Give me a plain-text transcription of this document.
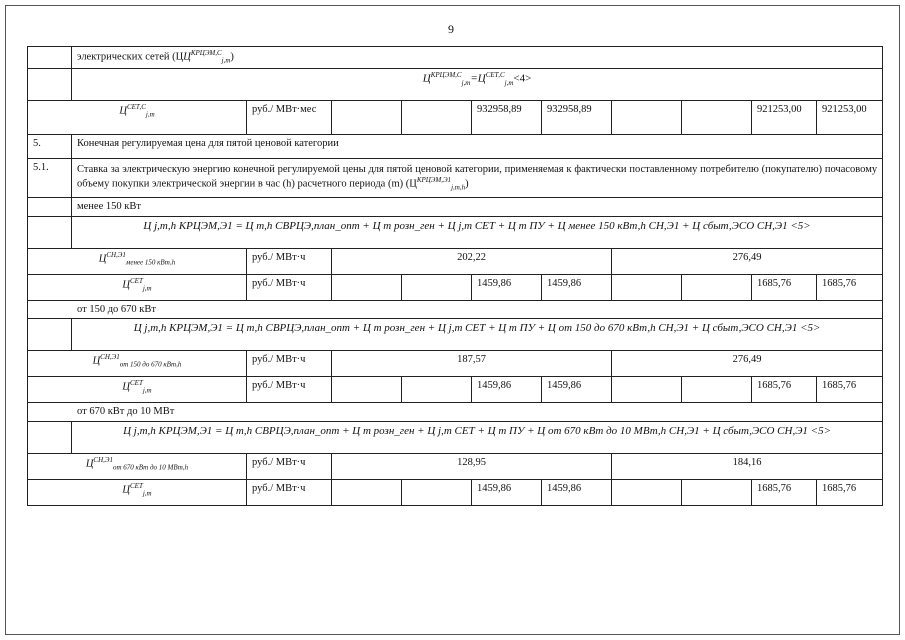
9
	электрических сетей $(ЦЦ^{КРЦЭМ,С}_{j,m})$									
	$Ц^{КРЦЭМ,С}_{j,m}=Ц^{СЕТ,С}_{j,m}<4>$									
$Ц^{СЕТ,С}_{j,m}$		руб./ МВт·мес			932958,89	932958,89			921253,00	921253,00
5.	Конечная регулируемая цена для пятой ценовой категории									
5.1.	Ставка за электрическую энергию конечной регулируемой цены для пятой ценовой категории, применяемая к фактически поставленному потребителю (покупателю) почасовому объему покупки электрической энергии в час (h) расчетного периода (m) $(Ц^{КРЦЭМ,Э1}_{j,m,h})$									
	менее 150 кВт									
	Ц j,m,h КРЦЭМ,Э1 = Ц m,h СВРЦЭ,план_опт + Ц m розн_ген + Ц j,m СЕТ + Ц m ПУ + Ц менее 150 кВт,h СН,Э1 + Ц сбыт,ЭСО СН,Э1 <5>									
$Ц^{СН,Э1}_{менее 150 кВт,h}$		руб./ МВт·ч	202,22				276,49			
$Ц^{СЕТ}_{j,m}$		руб./ МВт·ч			1459,86	1459,86			1685,76	1685,76
от 150 до 670 кВт										
	Ц j,m,h КРЦЭМ,Э1 = Ц m,h СВРЦЭ,план_опт + Ц m розн_ген + Ц j,m СЕТ + Ц m ПУ + Ц от 150 до 670 кВт,h СН,Э1 + Ц сбыт,ЭСО СН,Э1 <5>									
$Ц^{СН,Э1}_{от 150 до 670 кВт,h}$		руб./ МВт·ч	187,57				276,49			
$Ц^{СЕТ}_{j,m}$		руб./ МВт·ч			1459,86	1459,86			1685,76	1685,76
от 670 кВт до 10 МВт										
	Ц j,m,h КРЦЭМ,Э1 = Ц m,h СВРЦЭ,план_опт + Ц m розн_ген + Ц j,m СЕТ + Ц m ПУ + Ц от 670 кВт до 10 МВт,h СН,Э1 + Ц сбыт,ЭСО СН,Э1 <5>									
$Ц^{СН,Э1}_{от 670 кВт до 10 МВт,h}$		руб./ МВт·ч	128,95				184,16			
$Ц^{СЕТ}_{j,m}$		руб./ МВт·ч			1459,86	1459,86			1685,76	1685,76
